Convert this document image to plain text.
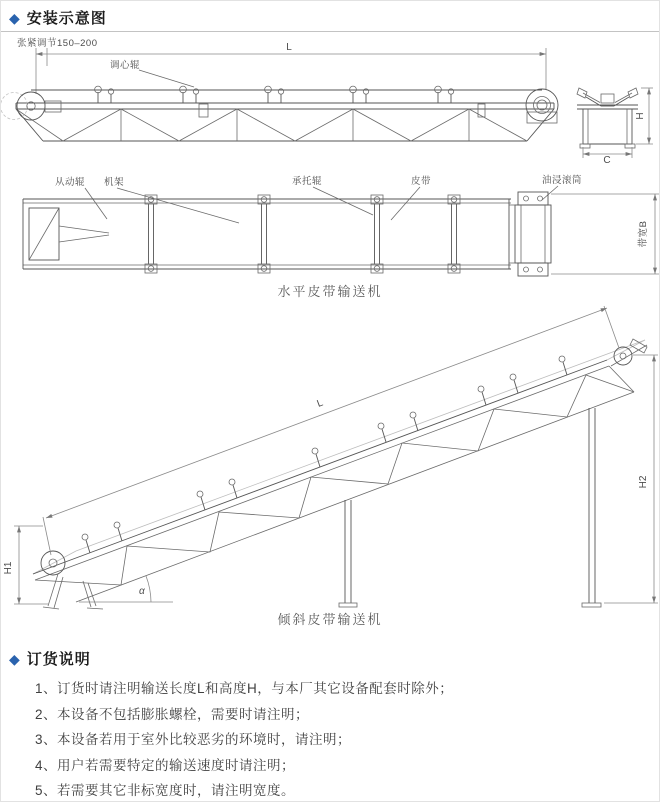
◆ 安装示意图
L
张紧调节150–200
调心辊
H
C
从动辊 机架	承托辊	皮带	油浸滚筒
带宽B
水平皮带输送机
α
L
H1
H2
倾斜皮带输送机
◆ 订货说明
1、订货时请注明输送长度L和高度H，与本厂其它设备配套时除外；
2、本设备不包括膨胀螺栓，需要时请注明；
3、本设备若用于室外比较恶劣的环境时，请注明；
4、用户若需要特定的输送速度时请注明；
5、若需要其它非标宽度时，请注明宽度。
